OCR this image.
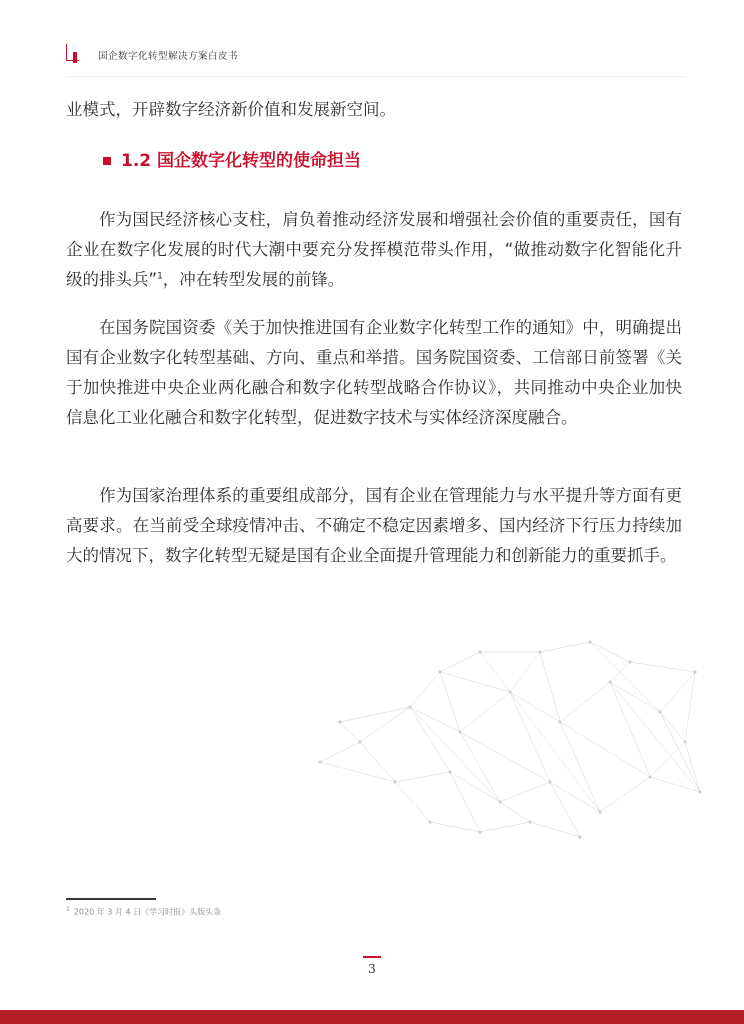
国企数字化转型解决方案白皮书

业模式，开辟数字经济新价值和发展新空间。

1.2 国企数字化转型的使命担当

作为国民经济核心支柱，肩负着推动经济发展和增强社会价值的重要责任，国有企业在数字化发展的时代大潮中要充分发挥模范带头作用，“做推动数字化智能化升级的排头兵”$^1$，冲在转型发展的前锋。

在国务院国资委《关于加快推进国有企业数字化转型工作的通知》中，明确提出国有企业数字化转型基础、方向、重点和举措。国务院国资委、工信部日前签署《关于加快推进中央企业两化融合和数字化转型战略合作协议》，共同推动中央企业加快信息化工业化融合和数字化转型，促进数字技术与实体经济深度融合。

作为国家治理体系的重要组成部分，国有企业在管理能力与水平提升等方面有更高要求。在当前受全球疫情冲击、不确定不稳定因素增多、国内经济下行压力持续加大的情况下，数字化转型无疑是国有企业全面提升管理能力和创新能力的重要抓手。

$^1$ 2020 年 3 月 4 日《学习时报》头版头条
3
